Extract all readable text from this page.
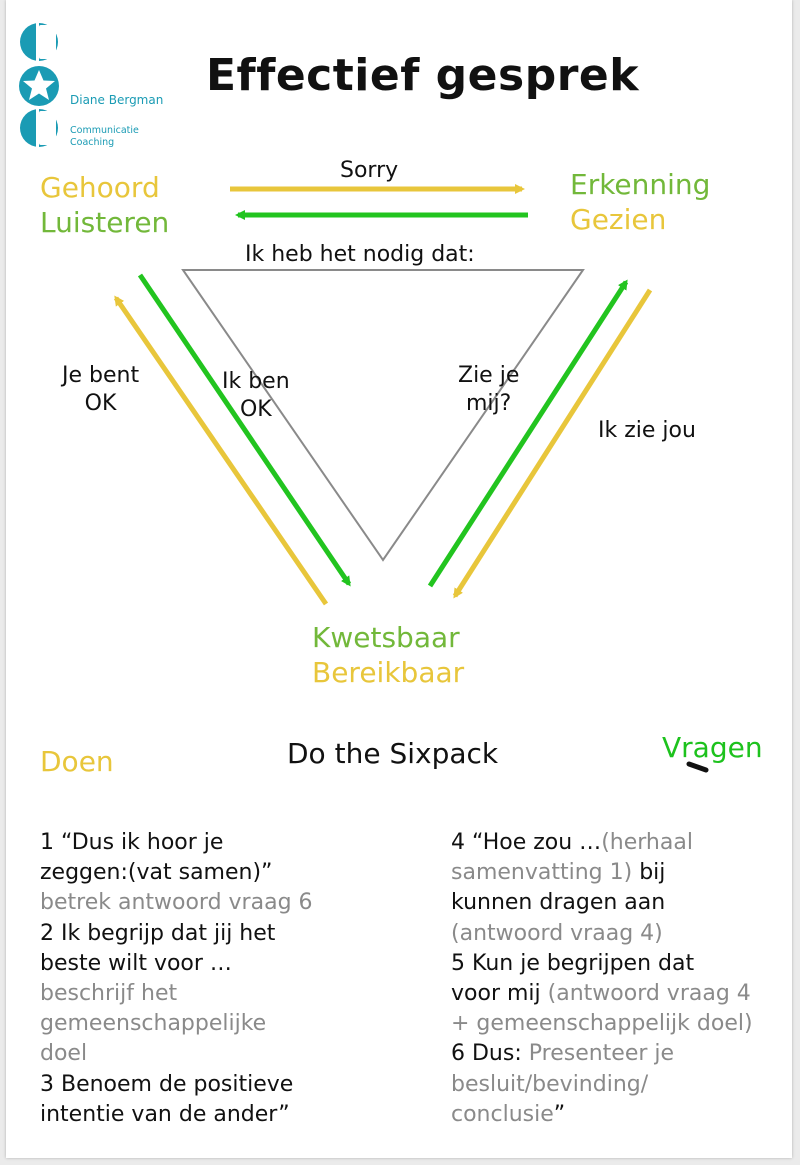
Effectief gesprek
Diane Bergman
Communicatie
Coaching
Gehoord
Luisteren
Erkenning
Gezien
Kwetsbaar
Bereikbaar
Sorry
Ik heb het nodig dat:
Je bent
OK
Ik ben
OK
Zie je
mij?
Ik zie jou
Doen	Do the Sixpack	Vragen
1 “Dus ik hoor je
zeggen:(vat samen)”
betrek antwoord vraag 6
2 Ik begrijp dat jij het
beste wilt voor …
beschrijf het
gemeenschappelijke
doel
3 Benoem de positieve
intentie van de ander”
4 “Hoe zou …(herhaal
samenvatting 1) bij
kunnen dragen aan
(antwoord vraag 4)
5 Kun je begrijpen dat
voor mij (antwoord vraag 4
+ gemeenschappelijk doel)
6 Dus: Presenteer je
besluit/bevinding/
conclusie”
